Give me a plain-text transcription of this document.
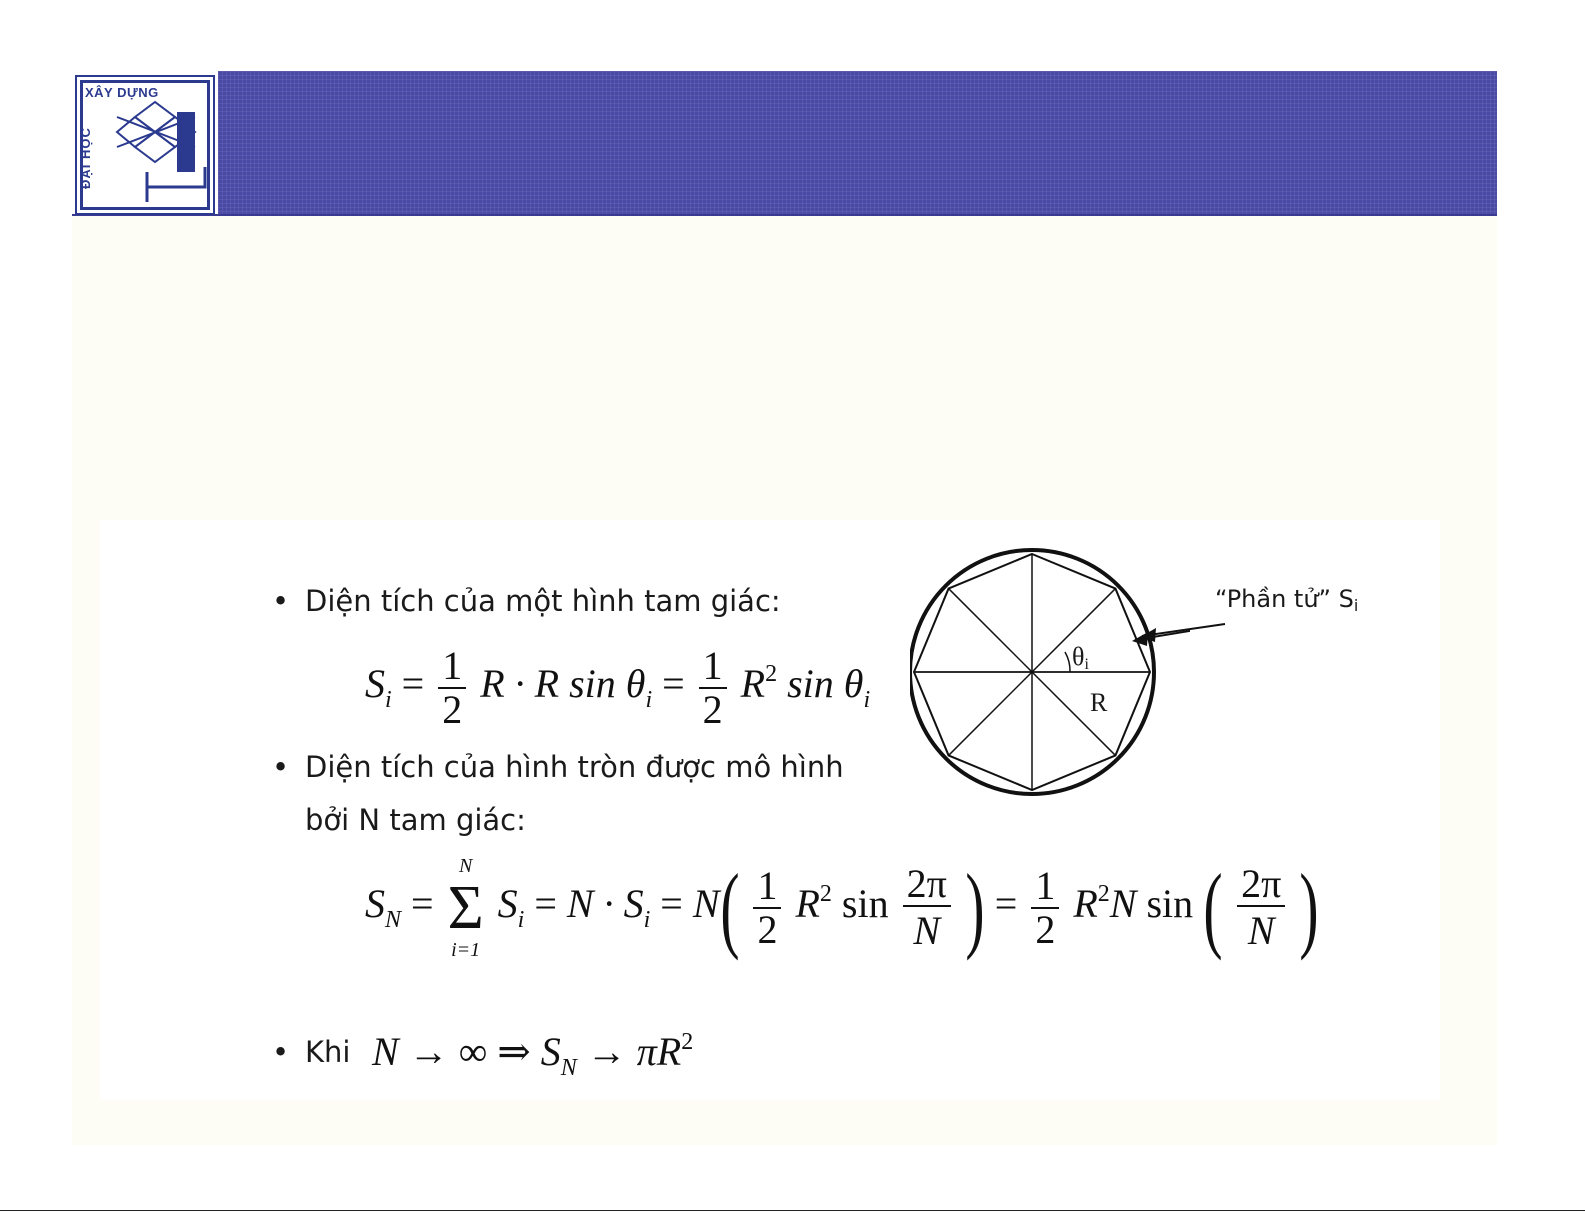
XÂY DỰNG
ĐẠI HỌC
• Diện tích của một hình tam giác:
$S_i = \frac{1}{2}$ R · R $\sin \theta_i = \frac{1}{2} R^2$ $\sin \theta_i$
• Diện tích của hình tròn được mô hình
bởi N tam giác:
$S_N$ =
N
Σ
i=1
$S_i = N \cdot S_i = N( \frac{1}{2} R^2$ $\sin \frac{2\pi}{N}$ ) = $\frac{1}{2} R^2N$ sin ( $\frac{2\pi}{N}$ )
• Khi N → ∞ ⇒ $S_N \to \pi R^2$
“Phần tử” Si
θi
R
